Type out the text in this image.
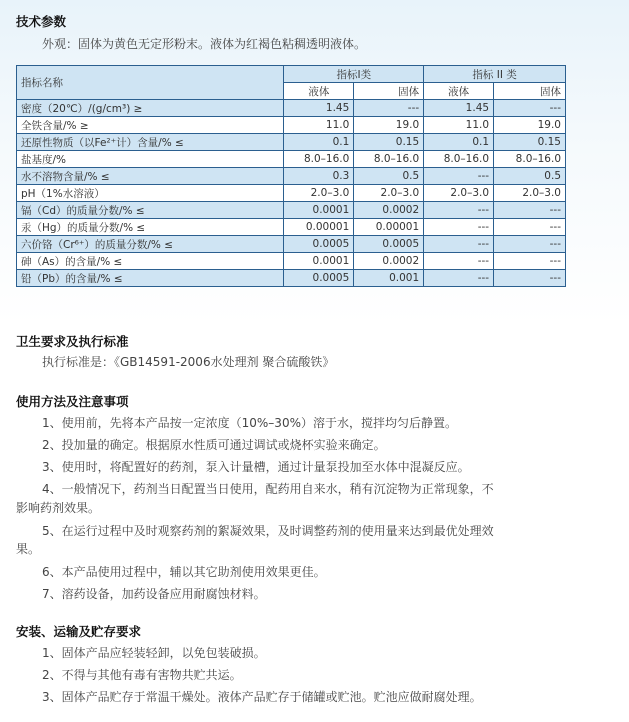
技术参数
外观：固体为黄色无定形粉末。液体为红褐色粘稠透明液体。
指标名称	指标I类		指标 II 类	
	液体	固体	液体	固体
密度（20℃）/(g/cm³) ≥	1.45	---	1.45	---
全铁含量/% ≥	11.0	19.0	11.0	19.0
还原性物质（以Fe²⁺计）含量/% ≤	0.1	0.15	0.1	0.15
盐基度/%	8.0–16.0	8.0–16.0	8.0–16.0	8.0–16.0
水不溶物含量/% ≤	0.3	0.5	---	0.5
pH（1%水溶液）	2.0–3.0	2.0–3.0	2.0–3.0	2.0–3.0
镉（Cd）的质量分数/% ≤	0.0001	0.0002	---	---
汞（Hg）的质量分数/% ≤	0.00001	0.00001	---	---
六价铬（Cr⁶⁺）的质量分数/% ≤	0.0005	0.0005	---	---
砷（As）的含量/% ≤	0.0001	0.0002	---	---
铅（Pb）的含量/% ≤	0.0005	0.001	---	---
卫生要求及执行标准
执行标准是：《GB14591-2006水处理剂 聚合硫酸铁》
使用方法及注意事项
1、使用前，先将本产品按一定浓度（10%–30%）溶于水，搅拌均匀后静置。
2、投加量的确定。根据原水性质可通过调试或烧杯实验来确定。
3、使用时，将配置好的药剂，泵入计量槽，通过计量泵投加至水体中混凝反应。
4、一般情况下，药剂当日配置当日使用，配药用自来水，稍有沉淀物为正常现象，不
影响药剂效果。
5、在运行过程中及时观察药剂的絮凝效果，及时调整药剂的使用量来达到最优处理效
果。
6、本产品使用过程中，辅以其它助剂使用效果更佳。
7、溶药设备，加药设备应用耐腐蚀材料。
安装、运输及贮存要求
1、固体产品应轻装轻卸，以免包装破损。
2、不得与其他有毒有害物共贮共运。
3、固体产品贮存于常温干燥处。液体产品贮存于储罐或贮池。贮池应做耐腐处理。
